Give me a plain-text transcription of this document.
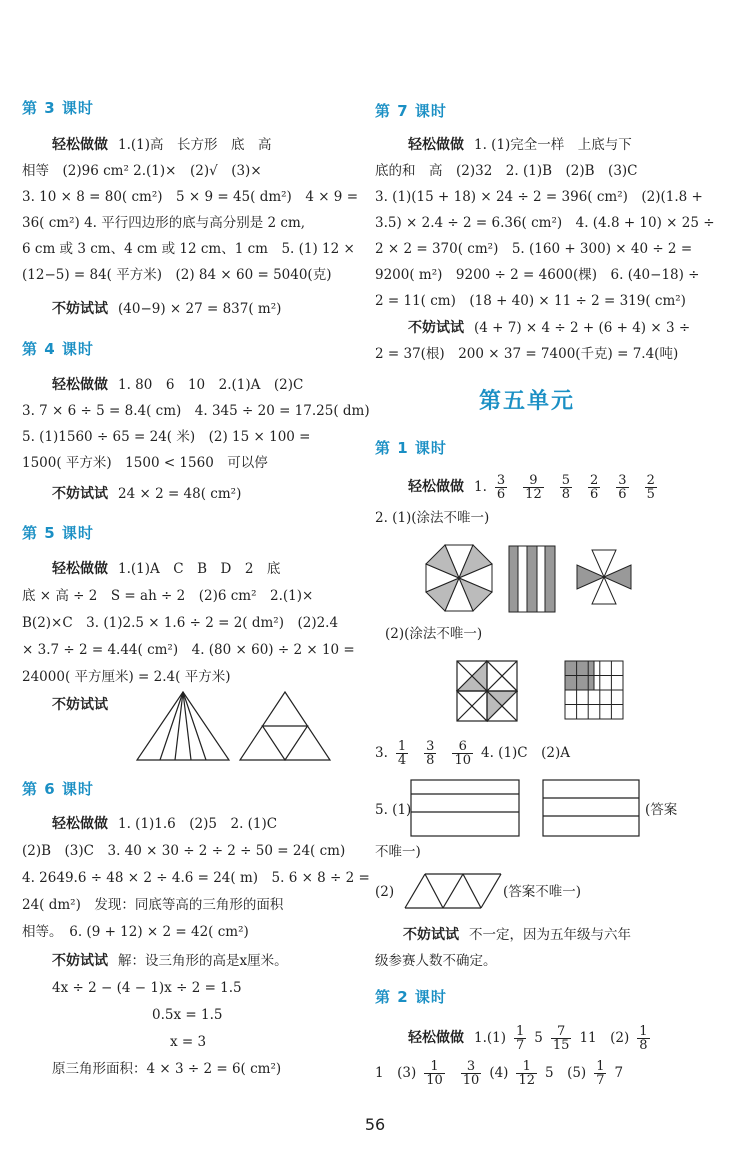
第 3 课时
轻松做做 1.(1)高　长方形　底　高
相等　(2)96 cm² 2.(1)×　(2)√　(3)×
3. 10 × 8 = 80( cm²)　5 × 9 = 45( dm²)　4 × 9 =
36( cm²) 4. 平行四边形的底与高分别是 2 cm,
6 cm 或 3 cm、4 cm 或 12 cm、1 cm　5. (1) 12 ×
(12−5) = 84( 平方米)　(2) 84 × 60 = 5040(克)
不妨试试 (40−9) × 27 = 837( m²)
第 4 课时
轻松做做 1. 80　6　10　2.(1)A　(2)C
3. 7 × 6 ÷ 5 = 8.4( cm)　4. 345 ÷ 20 = 17.25( dm)
5. (1)1560 ÷ 65 = 24( 米)　(2) 15 × 100 =
1500( 平方米)　1500 < 1560　可以停
不妨试试 24 × 2 = 48( cm²)
第 5 课时
轻松做做 1.(1)A　C　B　D　2　底
底 × 高 ÷ 2　S = ah ÷ 2　(2)6 cm²　2.(1)×
B(2)×C　3. (1)2.5 × 1.6 ÷ 2 = 2( dm²)　(2)2.4
× 3.7 ÷ 2 = 4.44( cm²)　4. (80 × 60) ÷ 2 × 10 =
24000( 平方厘米) = 2.4( 平方米)
不妨试试
第 6 课时
轻松做做 1. (1)1.6　(2)5　2. (1)C
(2)B　(3)C　3. 40 × 30 ÷ 2 ÷ 2 ÷ 50 = 24( cm)
4. 2649.6 ÷ 48 × 2 ÷ 4.6 = 24( m)　5. 6 × 8 ÷ 2 =
24( dm²)　发现：同底等高的三角形的面积
相等。　6. (9 + 12) × 2 = 42( cm²)
不妨试试 解：设三角形的高是x厘米。
4x ÷ 2 − (4 − 1)x ÷ 2 = 1.5
0.5x = 1.5
x = 3
原三角形面积：4 × 3 ÷ 2 = 6( cm²)
第 7 课时
轻松做做 1. (1)完全一样　上底与下
底的和　高　(2)32　2. (1)B　(2)B　(3)C
3. (1)(15 + 18) × 24 ÷ 2 = 396( cm²)　(2)(1.8 +
3.5) × 2.4 ÷ 2 = 6.36( cm²)　4. (4.8 + 10) × 25 ÷
2 × 2 = 370( cm²)　5. (160 + 300) × 40 ÷ 2 =
9200( m²)　9200 ÷ 2 = 4600(棵)　6. (40−18) ÷
2 = 11( cm)　(18 + 40) × 11 ÷ 2 = 319( cm²)
不妨试试 (4 + 7) × 4 ÷ 2 + (6 + 4) × 3 ÷
2 = 37(根)　200 × 37 = 7400(千克) = 7.4(吨)
第五单元
第 1 课时
轻松做做 1. $\frac{3}{6} \frac{9}{12} \frac{5}{8} \frac{2}{6} \frac{3}{6} \frac{2}{5}$
2. (1)(涂法不唯一)
(2)(涂法不唯一)
3. $\frac{1}{4} \frac{3}{8} \frac{6}{10} 4$. (1)C　(2)A
5. (1)	(答案
不唯一)
(2)	(答案不唯一)
不妨试试 不一定，因为五年级与六年
级参赛人数不确定。
第 2 课时
轻松做做 $1.(1) \frac{1}{7} 5 \frac{7}{15} 11$　$(2) \frac{1}{8}$
1　$(3) \frac{1}{10} \frac{3}{10} (4) \frac{1}{12} 5$　$(5) \frac{1}{7} 7$
56
